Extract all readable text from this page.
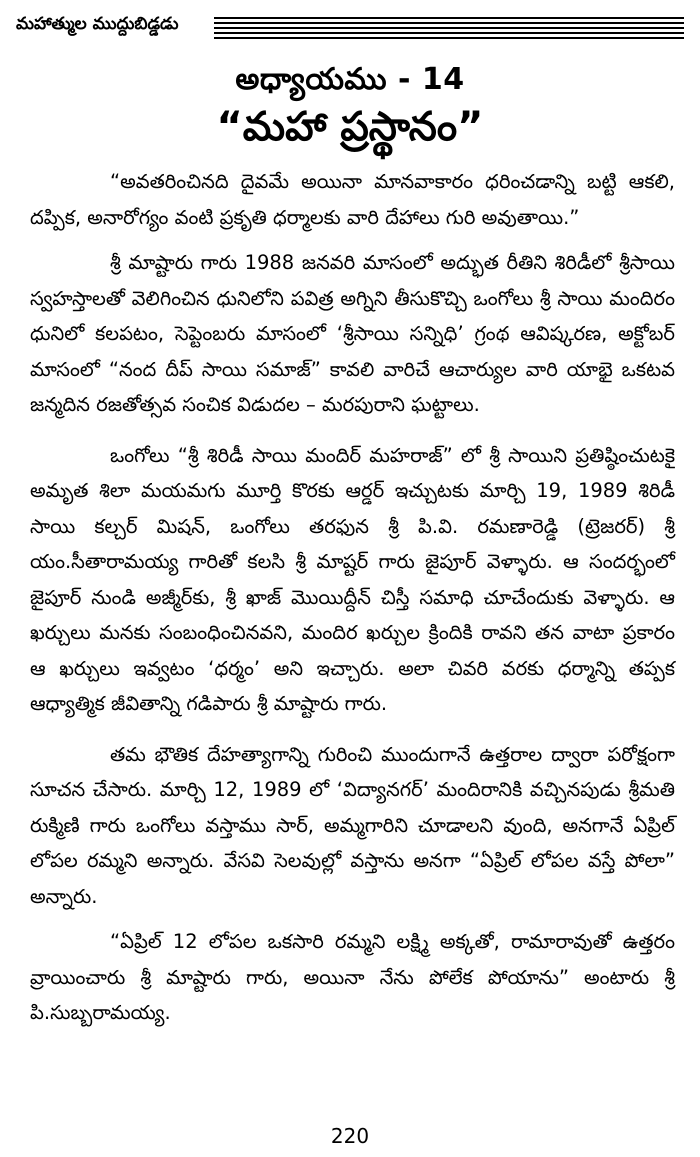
మహాత్ముల ముద్దుబిడ్డడు
అధ్యాయము - 14
“మహా ప్రస్థానం”

“అవతరించినది దైవమే అయినా మానవాకారం ధరించడాన్ని బట్టి ఆకలి, దప్పిక, అనారోగ్యం వంటి ప్రకృతి ధర్మాలకు వారి దేహాలు గురి అవుతాయి.”

శ్రీ మాష్టారు గారు 1988 జనవరి మాసంలో అద్భుత రీతిని శిరిడీలో శ్రీసాయి స్వహస్తాలతో వెలిగించిన ధునిలోని పవిత్ర అగ్నిని తీసుకొచ్చి ఒంగోలు శ్రీ సాయి మందిరం ధునిలో కలపటం, సెప్టెంబరు మాసంలో ‘శ్రీసాయి సన్నిధి’ గ్రంథ ఆవిష్కరణ, అక్టోబర్ మాసంలో “నంద దీప్ సాయి సమాజ్” కావలి వారిచే ఆచార్యుల వారి యాభై ఒకటవ జన్మదిన రజతోత్సవ సంచిక విడుదల – మరపురాని ఘట్టాలు.

ఒంగోలు “శ్రీ శిరిడీ సాయి మందిర్ మహరాజ్” లో శ్రీ సాయిని ప్రతిష్ఠించుటకై అమృత శిలా మయమగు మూర్తి కొరకు ఆర్డర్ ఇచ్చుటకు మార్చి 19, 1989 శిరిడీ సాయి కల్చర్ మిషన్, ఒంగోలు తరఫున శ్రీ పి.వి. రమణారెడ్డి (ట్రెజరర్) శ్రీ యం.సీతారామయ్య గారితో కలసి శ్రీ మాష్టర్ గారు జైపూర్ వెళ్ళారు. ఆ సందర్భంలో జైపూర్ నుండి అజ్మీర్‌కు, శ్రీ ఖాజ్ మొయిద్దీన్ చిస్తీ సమాధి చూచేందుకు వెళ్ళారు. ఆ ఖర్చులు మనకు సంబంధించినవని, మందిర ఖర్చుల క్రిందికి రావని తన వాటా ప్రకారం ఆ ఖర్చులు ఇవ్వటం ‘ధర్మం’ అని ఇచ్చారు. అలా చివరి వరకు ధర్మాన్ని తప్పక ఆధ్యాత్మిక జీవితాన్ని గడిపారు శ్రీ మాష్టారు గారు.

తమ భౌతిక దేహత్యాగాన్ని గురించి ముందుగానే ఉత్తరాల ద్వారా పరోక్షంగా సూచన చేసారు. మార్చి 12, 1989 లో ‘విద్యానగర్’ మందిరానికి వచ్చినపుడు శ్రీమతి రుక్మిణి గారు ఒంగోలు వస్తాము సార్, అమ్మగారిని చూడాలని వుంది, అనగానే ఏప్రిల్ లోపల రమ్మని అన్నారు. వేసవి సెలవుల్లో వస్తాను అనగా “ఏప్రిల్ లోపల వస్తే పోలా” అన్నారు.

“ఏప్రిల్ 12 లోపల ఒకసారి రమ్మని లక్ష్మి అక్కతో, రామారావుతో ఉత్తరం వ్రాయించారు శ్రీ మాష్టారు గారు, అయినా నేను పోలేక పోయాను” అంటారు శ్రీ పి.సుబ్బరామయ్య.

220
